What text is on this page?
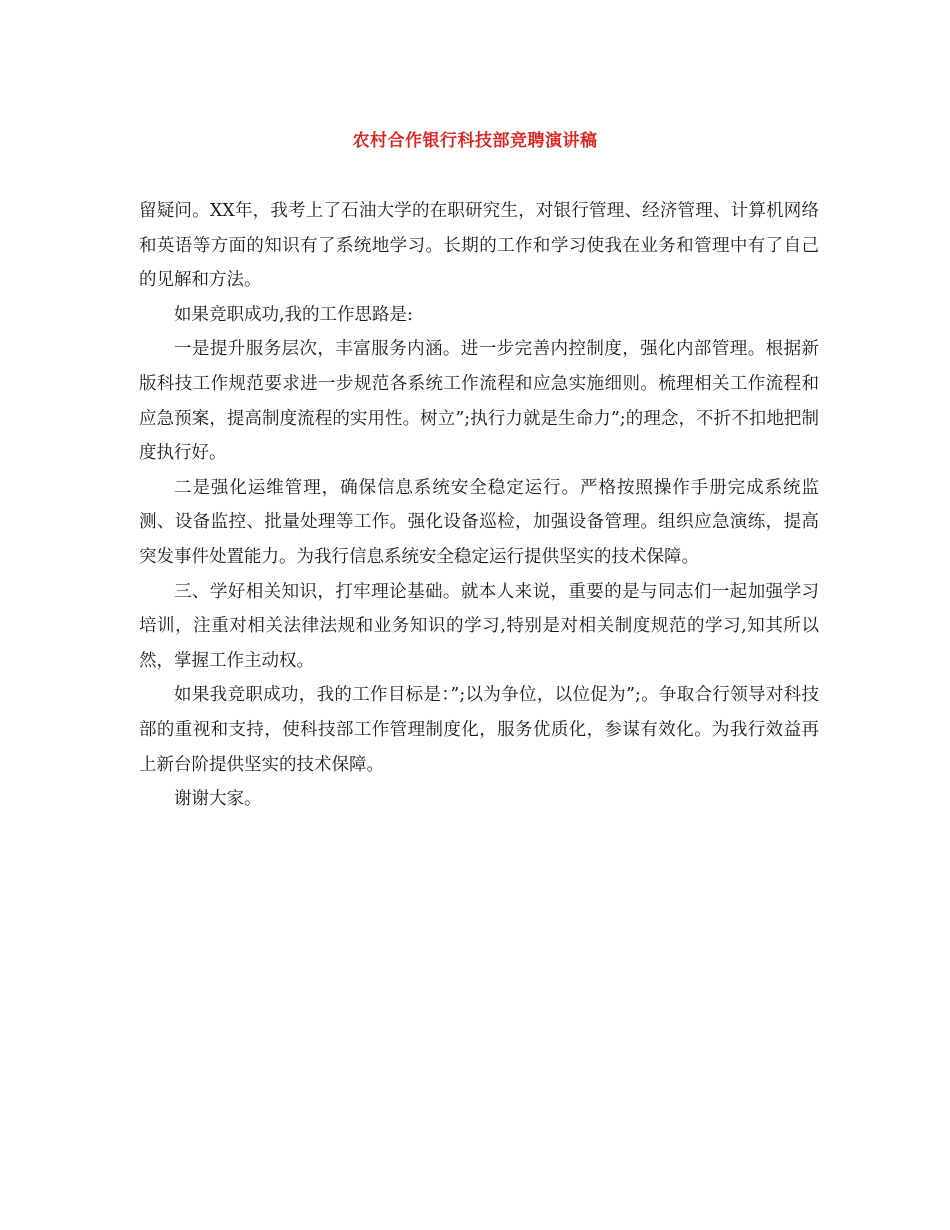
农村合作银行科技部竞聘演讲稿

留疑问。XX年，我考上了石油大学的在职研究生，对银行管理、经济管理、计算机网络和英语等方面的知识有了系统地学习。长期的工作和学习使我在业务和管理中有了自己的见解和方法。

如果竞职成功,我的工作思路是:

一是提升服务层次，丰富服务内涵。进一步完善内控制度，强化内部管理。根据新版科技工作规范要求进一步规范各系统工作流程和应急实施细则。梳理相关工作流程和应急预案，提高制度流程的实用性。树立”;执行力就是生命力”;的理念，不折不扣地把制度执行好。

二是强化运维管理，确保信息系统安全稳定运行。严格按照操作手册完成系统监测、设备监控、批量处理等工作。强化设备巡检，加强设备管理。组织应急演练，提高突发事件处置能力。为我行信息系统安全稳定运行提供坚实的技术保障。

三、学好相关知识，打牢理论基础。就本人来说，重要的是与同志们一起加强学习培训，注重对相关法律法规和业务知识的学习,特别是对相关制度规范的学习,知其所以然，掌握工作主动权。

如果我竞职成功，我的工作目标是：”;以为争位，以位促为”;。争取合行领导对科技部的重视和支持，使科技部工作管理制度化，服务优质化，参谋有效化。为我行效益再上新台阶提供坚实的技术保障。

谢谢大家。
